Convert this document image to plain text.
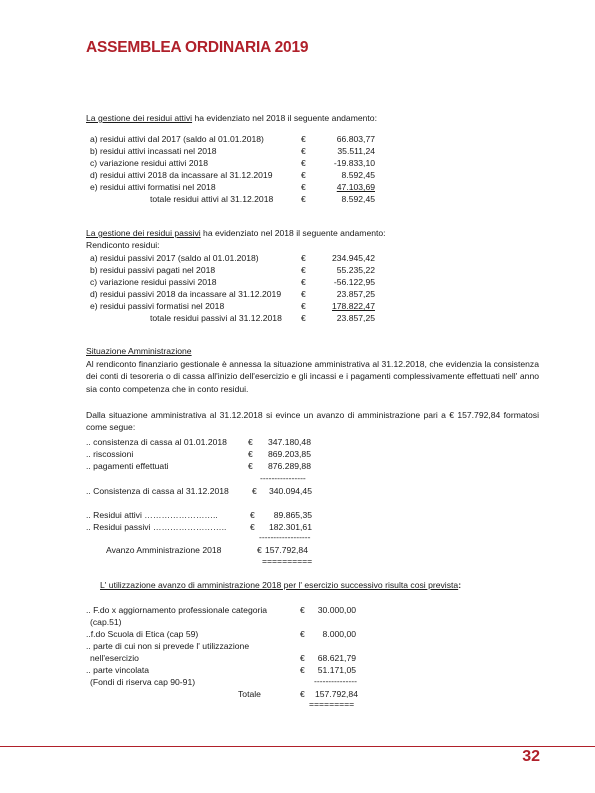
ASSEMBLEA ORDINARIA 2019
La gestione dei residui attivi ha evidenziato nel 2018 il seguente andamento:
a) residui attivi dal 2017 (saldo al 01.01.2018)	€	66.803,77
b) residui attivi incassati nel 2018	€	35.511,24
c) variazione residui attivi 2018	€	-19.833,10
d) residui attivi 2018 da incassare al 31.12.2019	€	8.592,45
e) residui attivi formatisi nel 2018	€	47.103,69
totale residui attivi al 31.12.2018	€	8.592,45
La gestione dei residui passivi ha evidenziato nel 2018 il seguente andamento:
Rendiconto residui:
a) residui passivi 2017 (saldo al 01.01.2018)	€	234.945,42
b) residui passivi pagati nel 2018	€	55.235,22
c) variazione residui passivi 2018	€	-56.122,95
d) residui passivi 2018 da incassare al 31.12.2019 €	23.857,25
e) residui passivi formatisi nel 2018	€	178.822,47
totale residui passivi al 31.12.2018 €	23.857,25
Situazione Amministrazione
Al rendiconto finanziario gestionale è annessa la situazione amministrativa al 31.12.2018, che evidenzia la consistenza dei conti di tesoreria o di cassa all'inizio dell'esercizio e gli incassi e i pagamenti complessivamente effettuati nell' anno sia conto competenza che in conto residui.
Dalla situazione amministrativa al 31.12.2018 si evince un avanzo di amministrazione pari a € 157.792,84 formatosi come segue:
.. consistenza di cassa al 01.01.2018 € 347.180,48
.. riscossioni	€ 869.203,85
.. pagamenti effettuati	€ 876.289,88
----------------
.. Consistenza di cassa al 31.12.2018	€ 340.094,45
.. Residui attivi ……………………..	€ 89.865,35
.. Residui passivi ……………………..	€ 182.301,61
------------------
Avanzo Amministrazione 2018	€ 157.792,84
==========
L' utilizzazione avanzo di amministrazione 2018 per l' esercizio successivo risulta cosi prevista:
.. F.do x aggiornamento professionale categoria	€ 30.000,00
(cap.51)
..f.do Scuola di Etica (cap 59)	€ 8.000,00
.. parte di cui non si prevede l' utilizzazione
nell'esercizio	€ 68.621,79
.. parte vincolata	€ 51.171,05
(Fondi di riserva cap 90-91)	---------------
Totale	€ 157.792,84
=========
32
